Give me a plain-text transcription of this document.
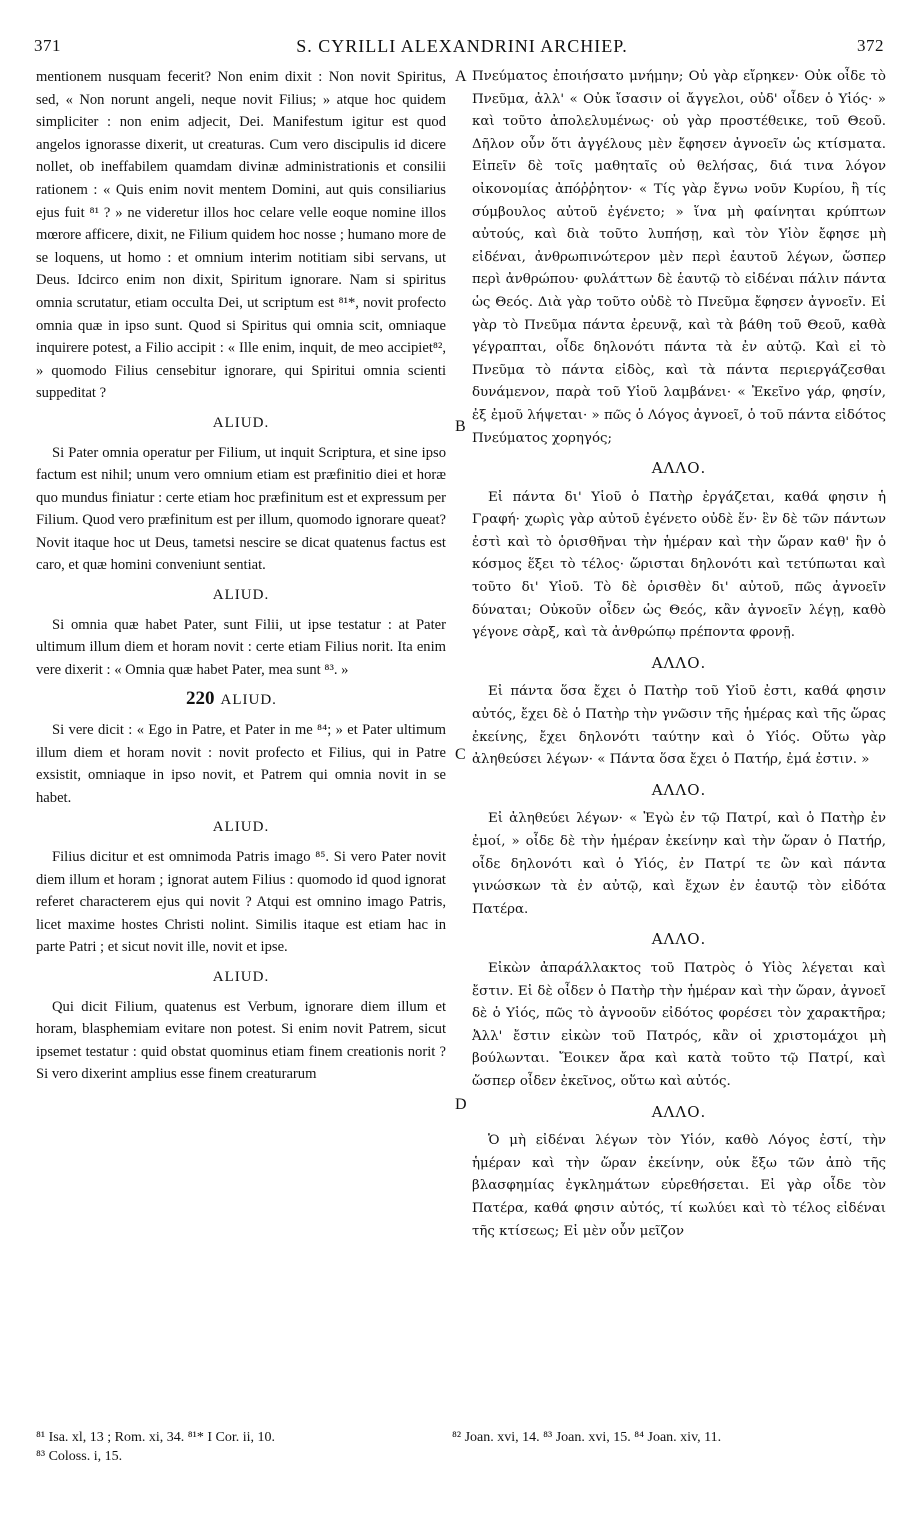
371	S. CYRILLI ALEXANDRINI ARCHIEP.	372
A
B
C
D

mentionem nusquam fecerit? Non enim dixit : Non novit Spiritus, sed, « Non norunt angeli, neque novit Filius; » atque hoc quidem simpliciter : non enim adjecit, Dei. Manifestum igitur est quod angelos ignorasse dixerit, ut creaturas. Cum vero discipulis id dicere nollet, ob ineffabilem quamdam divinæ administrationis et consilii rationem : « Quis enim novit mentem Domini, aut quis consiliarius ejus fuit ⁸¹ ? » ne videretur illos hoc celare velle eoque nomine illos mœrore afficere, dixit, ne Filium quidem hoc nosse ; humano more de se loquens, ut homo : et omnium interim notitiam sibi servans, ut Deus. Idcirco enim non dixit, Spiritum ignorare. Nam si spiritus omnia scrutatur, etiam occulta Dei, ut scriptum est ⁸¹*, novit profecto omnia quæ in ipso sunt. Quod si Spiritus qui omnia scit, omniaque inquirere potest, a Filio accipit : « Ille enim, inquit, de meo accipiet⁸², » quomodo Filius censebitur ignorare, qui Spiritui omnia scienti suppeditat ?

ALIUD.

Si Pater omnia operatur per Filium, ut inquit Scriptura, et sine ipso factum est nihil; unum vero omnium etiam est præfinitio diei et horæ quo mundus finiatur : certe etiam hoc præfinitum est et expressum per Filium. Quod vero præfinitum est per illum, quomodo ignorare queat? Novit itaque hoc ut Deus, tametsi nescire se dicat quatenus factus est caro, et quæ homini conveniunt sentiat.

ALIUD.

Si omnia quæ habet Pater, sunt Filii, ut ipse testatur : at Pater ultimum illum diem et horam novit : certe etiam Filius norit. Ita enim vere dixerit : « Omnia quæ habet Pater, mea sunt ⁸³. »

220 ALIUD.

Si vere dicit : « Ego in Patre, et Pater in me ⁸⁴; » et Pater ultimum illum diem et horam novit : novit profecto et Filius, qui in Patre exsistit, omniaque in ipso novit, et Patrem qui omnia novit in se habet.

ALIUD.

Filius dicitur et est omnimoda Patris imago ⁸⁵. Si vero Pater novit diem illum et horam ; ignorat autem Filius : quomodo id quod ignorat referet characterem ejus qui novit ? Atqui est omnino imago Patris, licet maxime hostes Christi nolint. Similis itaque est etiam hac in parte Patri ; et sicut novit ille, novit et ipse.

ALIUD.

Qui dicit Filium, quatenus est Verbum, ignorare diem illum et horam, blasphemiam evitare non potest. Si enim novit Patrem, sicut ipsemet testatur : quid obstat quominus etiam finem creationis norit ? Si vero dixerint amplius esse finem creaturarum

Πνεύματος ἐποιήσατο μνήμην; Οὐ γὰρ εἴρηκεν· Οὐκ οἶδε τὸ Πνεῦμα, ἀλλ' « Οὐκ ἴσασιν οἱ ἄγγελοι, οὐδ' οἶδεν ὁ Υἱός· » καὶ τοῦτο ἀπολελυμένως· οὐ γὰρ προστέθεικε, τοῦ Θεοῦ. Δῆλον οὖν ὅτι ἀγγέλους μὲν ἔφησεν ἀγνοεῖν ὡς κτίσματα. Εἰπεῖν δὲ τοῖς μαθηταῖς οὐ θελήσας, διά τινα λόγον οἰκονομίας ἀπόῤῥητον· « Τίς γὰρ ἔγνω νοῦν Κυρίου, ἢ τίς σύμβουλος αὐτοῦ ἐγένετο; » ἵνα μὴ φαίνηται κρύπτων αὐτούς, καὶ διὰ τοῦτο λυπήσῃ, καὶ τὸν Υἱὸν ἔφησε μὴ εἰδέναι, ἀνθρωπινώτερον μὲν περὶ ἑαυτοῦ λέγων, ὥσπερ περὶ ἀνθρώπου· φυλάττων δὲ ἑαυτῷ τὸ εἰδέναι πάλιν πάντα ὡς Θεός. Διὰ γὰρ τοῦτο οὐδὲ τὸ Πνεῦμα ἔφησεν ἀγνοεῖν. Εἰ γὰρ τὸ Πνεῦμα πάντα ἐρευνᾷ, καὶ τὰ βάθη τοῦ Θεοῦ, καθὰ γέγραπται, οἶδε δηλονότι πάντα τὰ ἐν αὐτῷ. Καὶ εἰ τὸ Πνεῦμα τὸ πάντα εἰδὸς, καὶ τὰ πάντα περιεργάζεσθαι δυνάμενον, παρὰ τοῦ Υἱοῦ λαμβάνει· « Ἐκεῖνο γάρ, φησίν, ἐξ ἐμοῦ λήψεται· » πῶς ὁ Λόγος ἀγνοεῖ, ὁ τοῦ πάντα εἰδότος Πνεύματος χορηγός;

ΑΛΛΟ.

Εἰ πάντα δι' Υἱοῦ ὁ Πατὴρ ἐργάζεται, καθά φησιν ἡ Γραφή· χωρὶς γὰρ αὐτοῦ ἐγένετο οὐδὲ ἕν· ἓν δὲ τῶν πάντων ἐστὶ καὶ τὸ ὁρισθῆναι τὴν ἡμέραν καὶ τὴν ὥραν καθ' ἣν ὁ κόσμος ἕξει τὸ τέλος· ὥρισται δηλονότι καὶ τετύπωται καὶ τοῦτο δι' Υἱοῦ. Τὸ δὲ ὁρισθὲν δι' αὐτοῦ, πῶς ἀγνοεῖν δύναται; Οὐκοῦν οἶδεν ὡς Θεός, κἂν ἀγνοεῖν λέγῃ, καθὸ γέγονε σὰρξ, καὶ τὰ ἀνθρώπῳ πρέποντα φρονῇ.

ΑΛΛΟ.

Εἰ πάντα ὅσα ἔχει ὁ Πατὴρ τοῦ Υἱοῦ ἐστι, καθά φησιν αὐτός, ἔχει δὲ ὁ Πατὴρ τὴν γνῶσιν τῆς ἡμέρας καὶ τῆς ὥρας ἐκείνης, ἔχει δηλονότι ταύτην καὶ ὁ Υἱός. Οὕτω γὰρ ἀληθεύσει λέγων· « Πάντα ὅσα ἔχει ὁ Πατήρ, ἐμά ἐστιν. »

ΑΛΛΟ.

Εἰ ἀληθεύει λέγων· « Ἐγὼ ἐν τῷ Πατρί, καὶ ὁ Πατὴρ ἐν ἐμοί, » οἶδε δὲ τὴν ἡμέραν ἐκείνην καὶ τὴν ὥραν ὁ Πατήρ, οἶδε δηλονότι καὶ ὁ Υἱός, ἐν Πατρί τε ὢν καὶ πάντα γινώσκων τὰ ἐν αὐτῷ, καὶ ἔχων ἐν ἑαυτῷ τὸν εἰδότα Πατέρα.

ΑΛΛΟ.

Εἰκὼν ἀπαράλλακτος τοῦ Πατρὸς ὁ Υἱὸς λέγεται καὶ ἔστιν. Εἰ δὲ οἶδεν ὁ Πατὴρ τὴν ἡμέραν καὶ τὴν ὥραν, ἀγνοεῖ δὲ ὁ Υἱός, πῶς τὸ ἀγνοοῦν εἰδότος φορέσει τὸν χαρακτῆρα; Ἀλλ' ἔστιν εἰκὼν τοῦ Πατρός, κἂν οἱ χριστομάχοι μὴ βούλωνται. Ἔοικεν ἄρα καὶ κατὰ τοῦτο τῷ Πατρί, καὶ ὥσπερ οἶδεν ἐκεῖνος, οὕτω καὶ αὐτός.

ΑΛΛΟ.

Ὁ μὴ εἰδέναι λέγων τὸν Υἱόν, καθὸ Λόγος ἐστί, τὴν ἡμέραν καὶ τὴν ὥραν ἐκείνην, οὐκ ἔξω τῶν ἀπὸ τῆς βλασφημίας ἐγκλημάτων εὑρεθήσεται. Εἰ γὰρ οἶδε τὸν Πατέρα, καθά φησιν αὐτός, τί κωλύει καὶ τὸ τέλος εἰδέναι τῆς κτίσεως; Εἰ μὲν οὖν μεῖζον

⁸¹ Isa. xl, 13 ; Rom. xi, 34. ⁸¹* I Cor. ii, 10.
⁸³ Coloss. i, 15.
⁸² Joan. xvi, 14. ⁸³ Joan. xvi, 15. ⁸⁴ Joan. xiv, 11.
